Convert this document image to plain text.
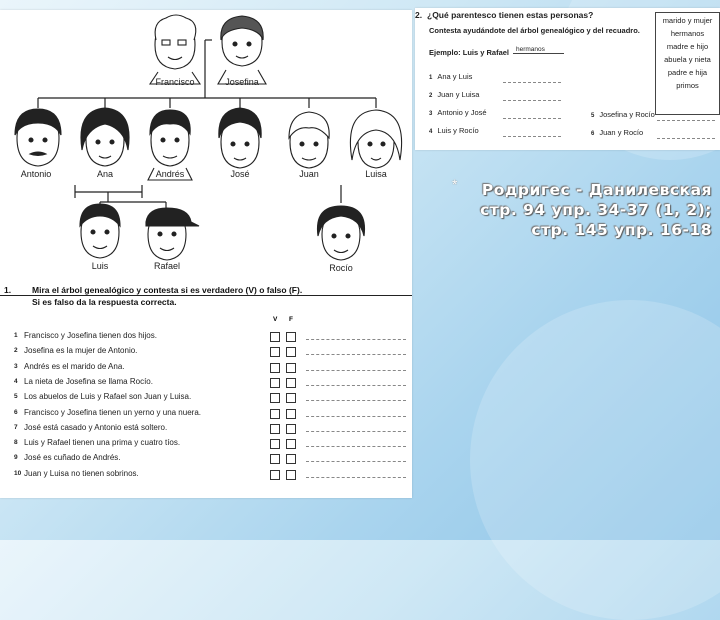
Francisco	Josefina
Antonio	Ana	Andrés	José	Juan	Luisa
Luis	Rafael	Rocío
1. Mira el árbol genealógico y contesta si es verdadero (V) o falso (F).
Si es falso da la respuesta correcta.
V F
1 Francisco y Josefina tienen dos hijos.
2 Josefina es la mujer de Antonio.
3 Andrés es el marido de Ana.
4 La nieta de Josefina se llama Rocío.
5 Los abuelos de Luis y Rafael son Juan y Luisa.
6 Francisco y Josefina tienen un yerno y una nuera.
7 José está casado y Antonio está soltero.
8 Luis y Rafael tienen una prima y cuatro tíos.
9 José es cuñado de Andrés.
10 Juan y Luisa no tienen sobrinos.
2. ¿Qué parentesco tienen estas personas?
Contesta ayudándote del árbol genealógico y del recuadro.
Ejemplo: Luis y Rafael	hermanos
1 Ana y Luis
2 Juan y Luisa
3 Antonio y José
4 Luis y Rocío
5 Josefina y Rocío
6 Juan y Rocío
marido y mujer
hermanos
madre e hijo
abuela y nieta
padre e hija
primos
*	Родригес - Данилевская
стр. 94 упр. 34-37 (1, 2);
стр. 145 упр. 16-18
